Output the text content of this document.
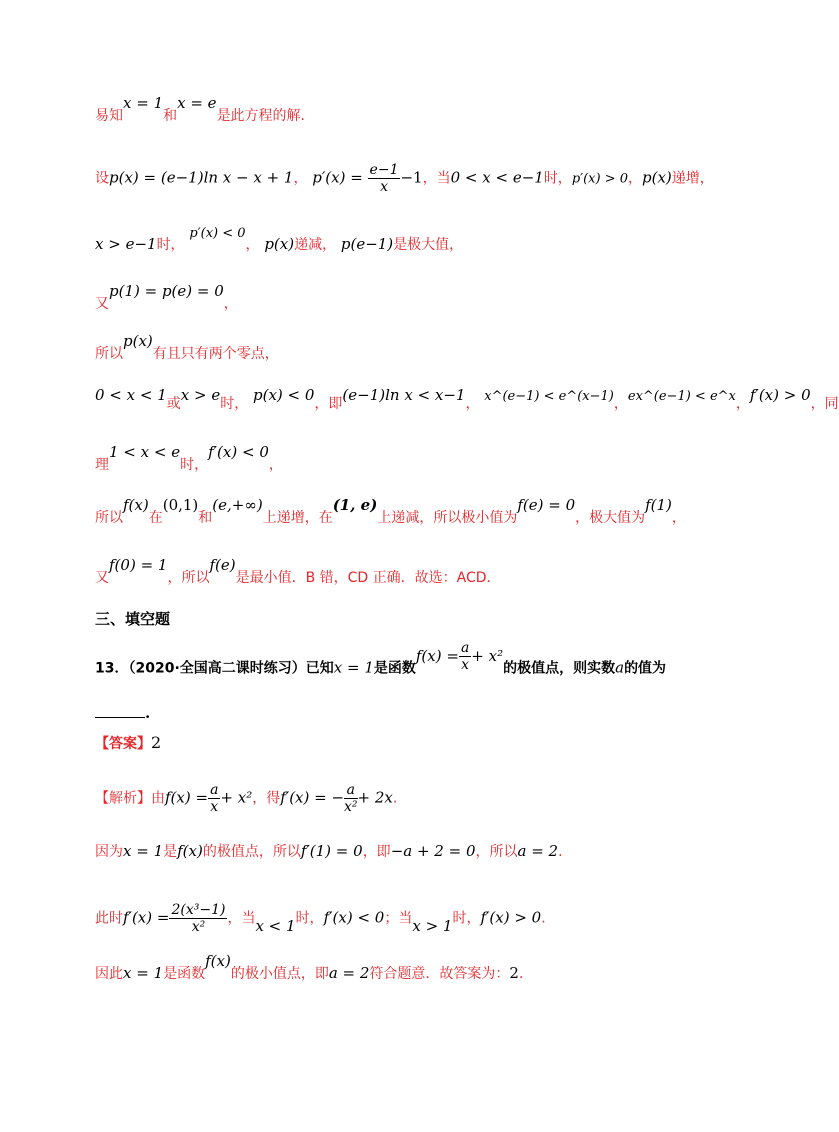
易知x = 1和x = e是此方程的解.
设p(x) = (e−1)ln x − x + 1， $p'(x) = \frac{e-1}{x} -1$，当0 < x < e−1时，p′(x) > 0，p(x)递增，
x > e−1时， p′(x) < 0， p(x)递减， p(e−1)是极大值，
又p(1) = p(e) = 0，
所以p(x)有且只有两个零点，
0 < x < 1或x > e时， p(x) < 0，即(e−1)ln x < x−1， x^(e−1) < e^(x−1)，ex^(e−1) < e^x，f′(x) > 0，同
理1 < x < e时，f′(x) < 0，
所以f(x)在(0,1)和(e,+∞)上递增，在(1, e)上递减，所以极小值为f(e) = 0，极大值为f(1)，
又f(0) = 1，所以f(e)是最小值．B 错，CD 正确．故选：ACD．
三、填空题
13．（2020·全国高二课时练习）已知x = 1是函数$f(x) = \frac{a}{x} + x^2$的极值点，则实数a的值为
.
【答案】2
【解析】由$f(x) = \frac{a}{x} + x^2$，得f′(x) = − $\frac{a}{\text{x²}} + 2x$.
因为x = 1是f(x)的极值点，所以f′(1) = 0，即−a + 2 = 0，所以a = 2.
此时$f'(x) = \frac{\text{2(x³−1)}}{\text{x²}}$ ，当x < 1时，f′(x) < 0；当x > 1时，f′(x) > 0.
因此x = 1是函数f(x)的极小值点，即a = 2符合题意．故答案为：2.
